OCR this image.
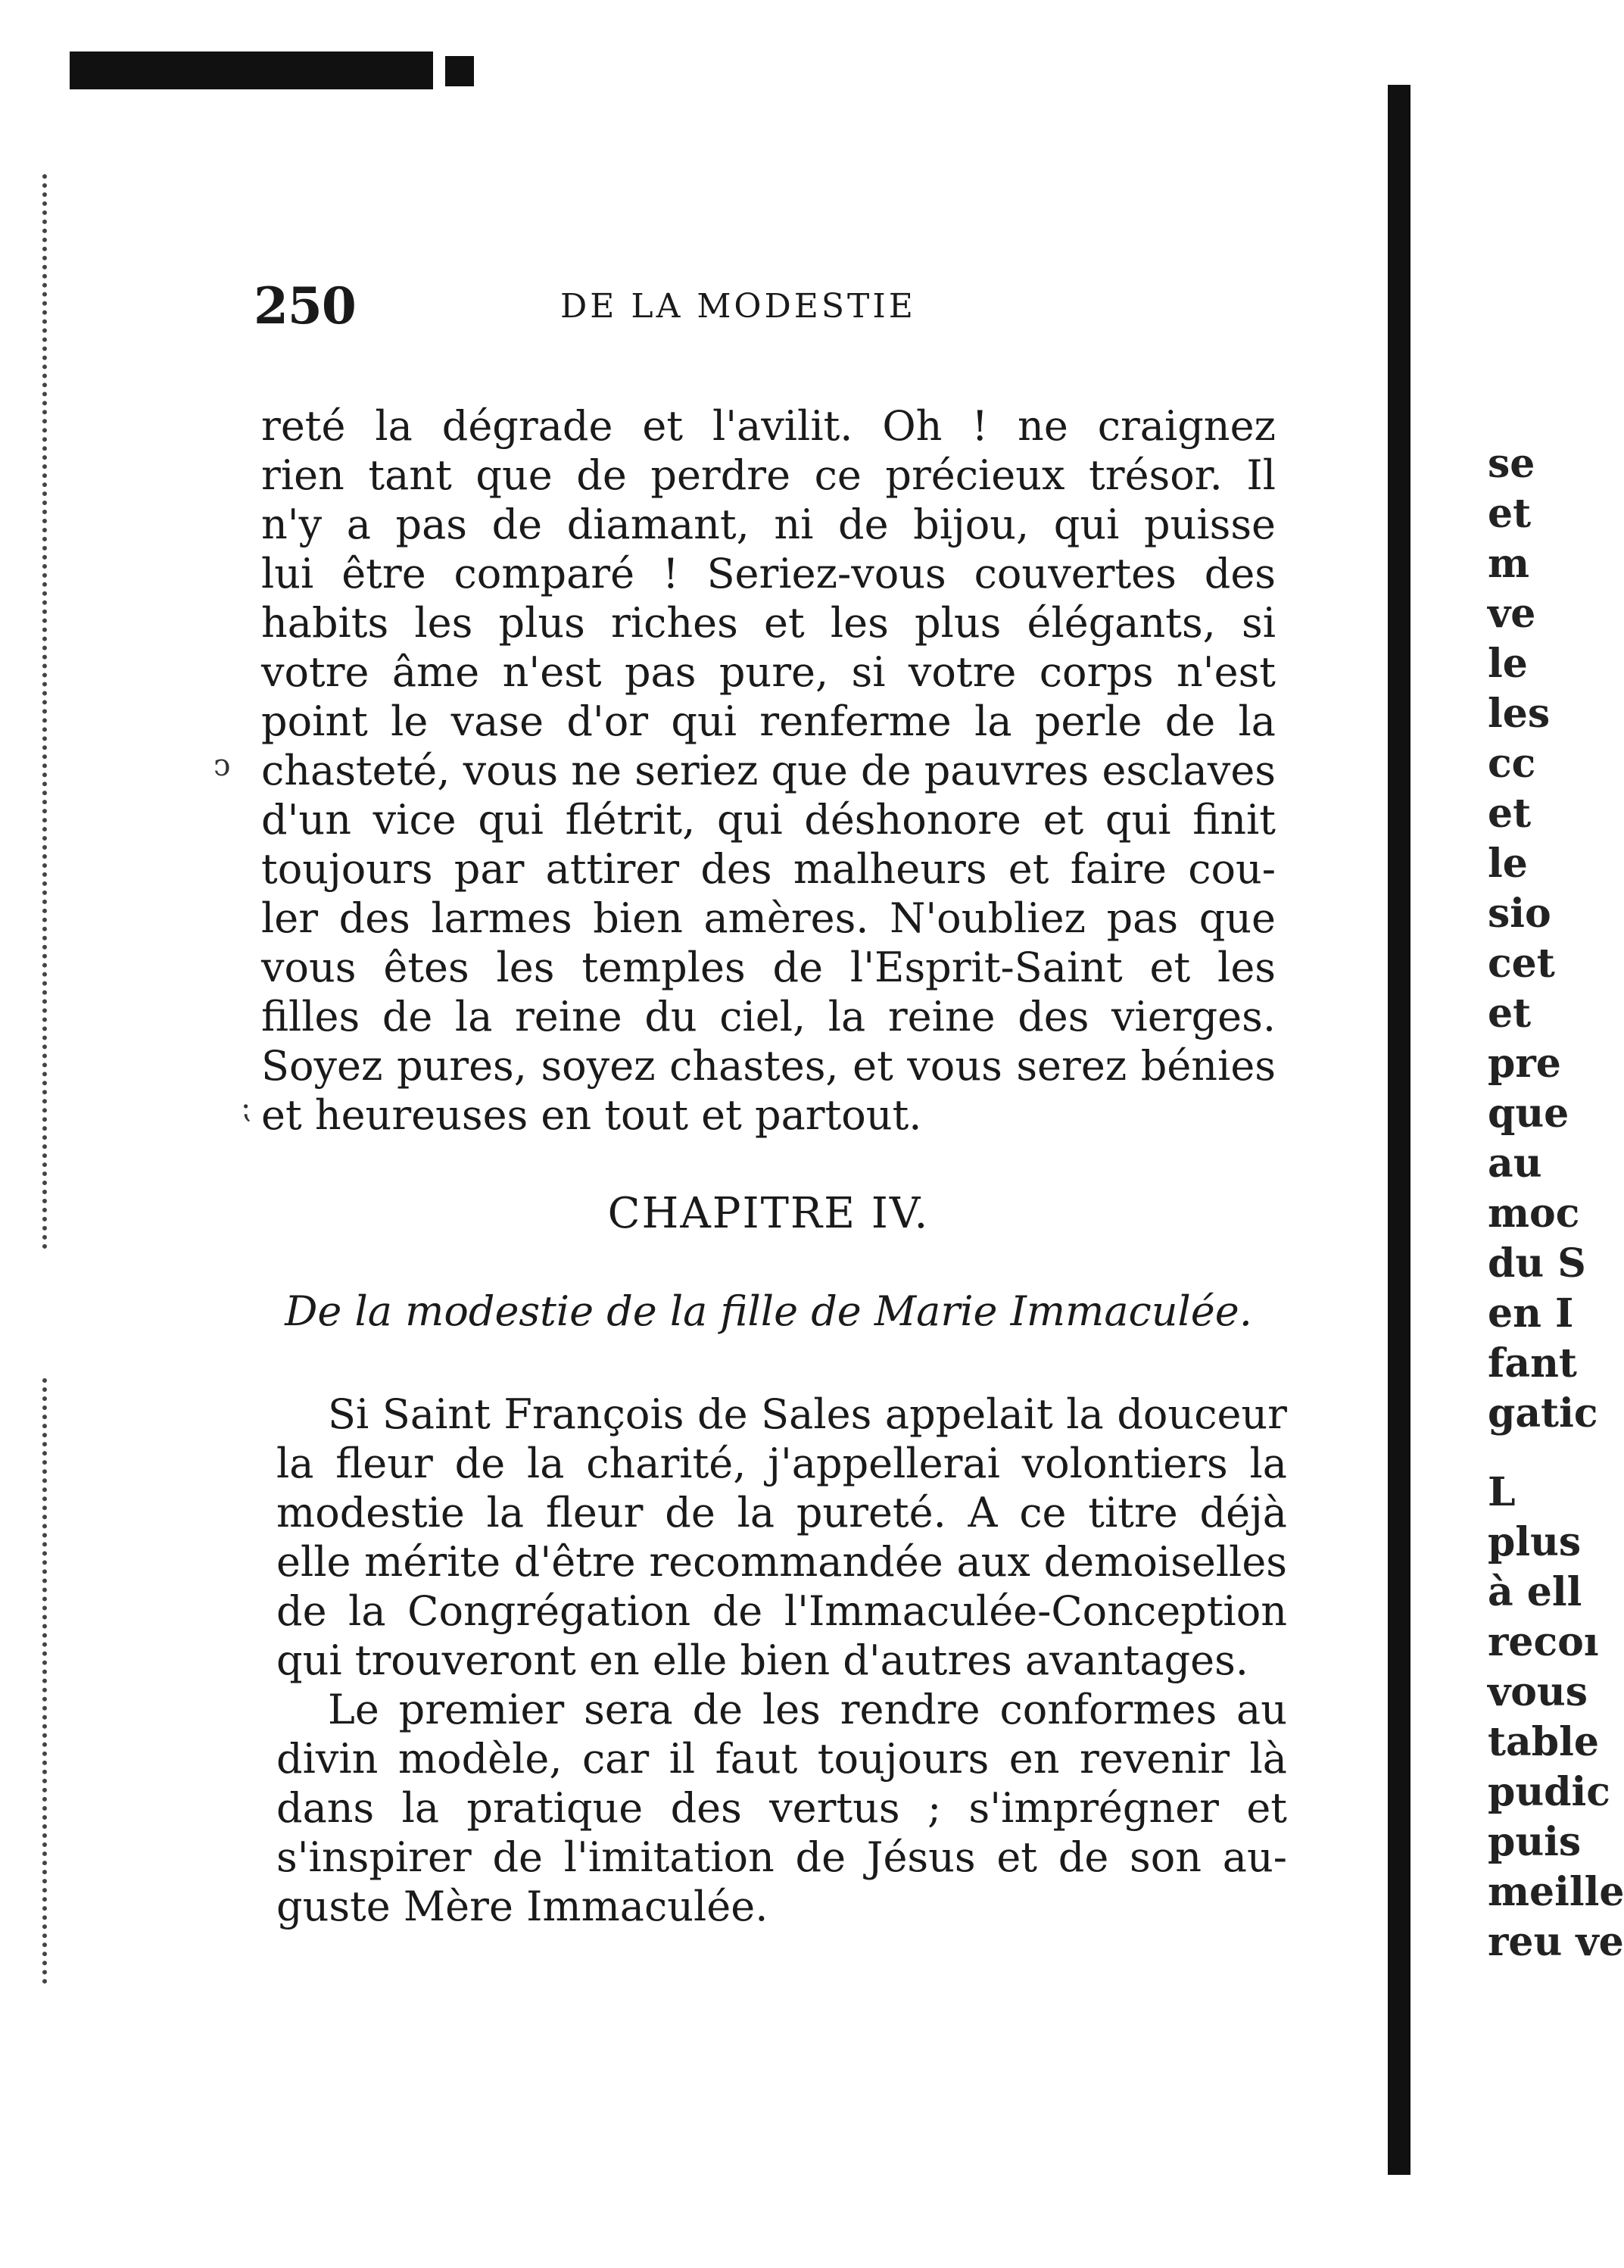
250	DE LA MODESTIE
ↄ
⁏
reté la dégrade et l'avilit. Oh ! ne craignez
rien tant que de perdre ce précieux trésor. Il
n'y a pas de diamant, ni de bijou, qui puisse
lui être comparé ! Seriez-vous couvertes des
habits les plus riches et les plus élégants, si
votre âme n'est pas pure, si votre corps n'est
point le vase d'or qui renferme la perle de la
chasteté, vous ne seriez que de pauvres esclaves
d'un vice qui flétrit, qui déshonore et qui finit
toujours par attirer des malheurs et faire cou-
ler des larmes bien amères. N'oubliez pas que
vous êtes les temples de l'Esprit-Saint et les
filles de la reine du ciel, la reine des vierges.
Soyez pures, soyez chastes, et vous serez bénies
et heureuses en tout et partout.
CHAPITRE IV.
De la modestie de la fille de Marie Immaculée.
Si Saint François de Sales appelait la douceur
la fleur de la charité, j'appellerai volontiers la
modestie la fleur de la pureté. A ce titre déjà
elle mérite d'être recommandée aux demoiselles
de la Congrégation de l'Immaculée-Conception
qui trouveront en elle bien d'autres avantages.
Le premier sera de les rendre conformes au
divin modèle, car il faut toujours en revenir là
dans la pratique des vertus ; s'imprégner et
s'inspirer de l'imitation de Jésus et de son au-
guste Mère Immaculée.
se
et
m
ve
le
les
cc
et
le
sio
cet
et
pre
que
au
moc
du S
en I
fant
gatic
L
plus
à ell
recoı
vous
table
pudic
puis
meille
reu ve
